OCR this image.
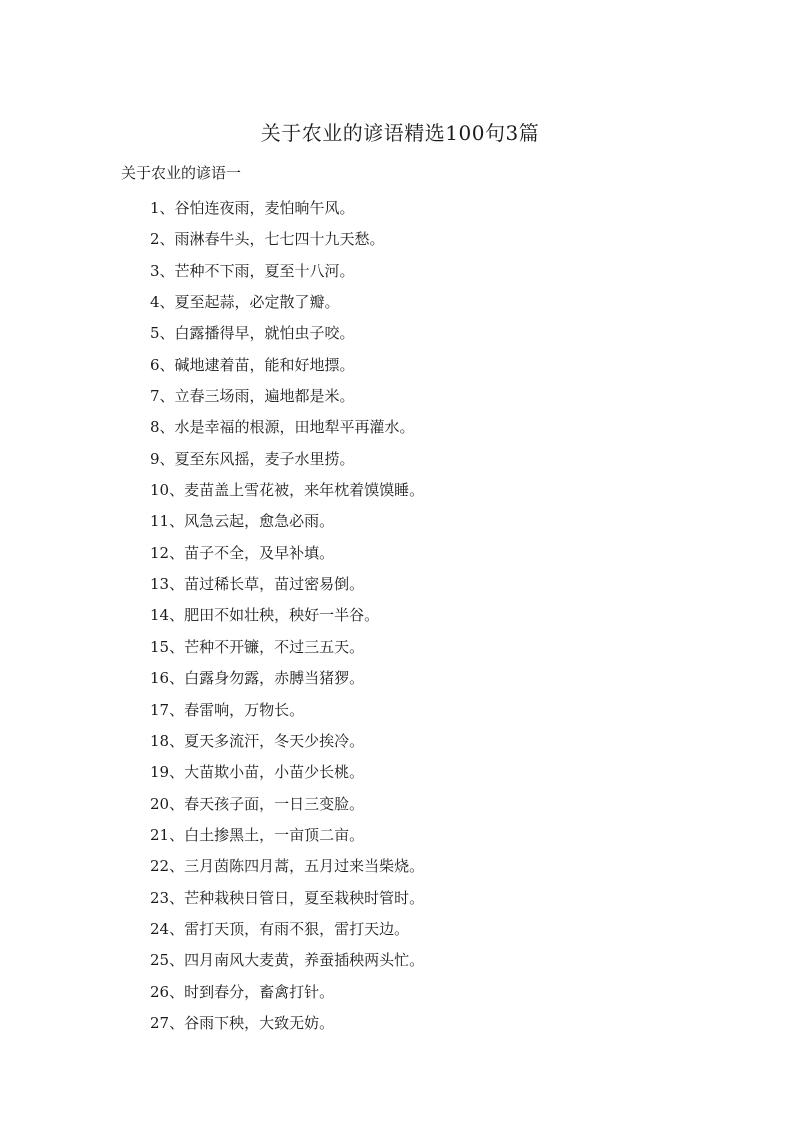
关于农业的谚语精选100句3篇
关于农业的谚语一
1、谷怕连夜雨，麦怕晌午风。
2、雨淋春牛头，七七四十九天愁。
3、芒种不下雨，夏至十八河。
4、夏至起蒜，必定散了瓣。
5、白露播得早，就怕虫子咬。
6、碱地逮着苗，能和好地摽。
7、立春三场雨，遍地都是米。
8、水是幸福的根源，田地犁平再灌水。
9、夏至东风摇，麦子水里捞。
10、麦苗盖上雪花被，来年枕着馍馍睡。
11、风急云起，愈急必雨。
12、苗子不全，及早补填。
13、苗过稀长草，苗过密易倒。
14、肥田不如壮秧，秧好一半谷。
15、芒种不开镰，不过三五天。
16、白露身勿露，赤膊当猪猡。
17、春雷响，万物长。
18、夏天多流汗，冬天少挨冷。
19、大苗欺小苗，小苗少长桃。
20、春天孩子面，一日三变脸。
21、白土掺黑土，一亩顶二亩。
22、三月茵陈四月蒿，五月过来当柴烧。
23、芒种栽秧日管日，夏至栽秧时管时。
24、雷打天顶，有雨不狠，雷打天边。
25、四月南风大麦黄，养蚕插秧两头忙。
26、时到春分，畜禽打针。
27、谷雨下秧，大致无妨。
